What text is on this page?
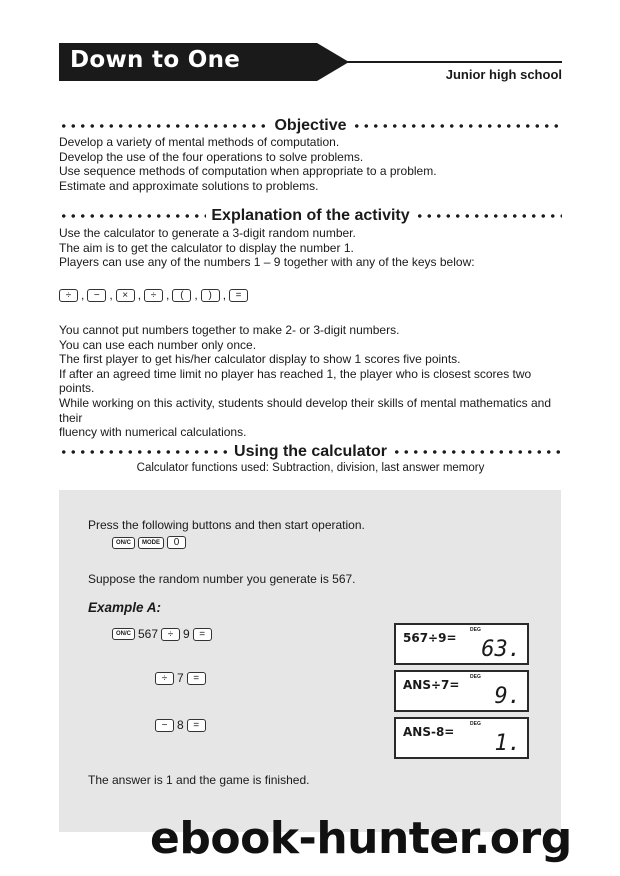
Down to One
Junior high school
Objective

Develop a variety of mental methods of computation.

Develop the use of the four operations to solve problems.

Use sequence methods of computation when appropriate to a problem.

Estimate and approximate solutions to problems.

Explanation of the activity

Use the calculator to generate a 3-digit random number.

The aim is to get the calculator to display the number 1.

Players can use any of the numbers 1 – 9 together with any of the keys below:

÷ , − , × , ÷ ,	( ,	) , =

You cannot put numbers together to make 2- or 3-digit numbers.

You can use each number only once.

The first player to get his/her calculator display to show 1 scores five points.

If after an agreed time limit no player has reached 1, the player who is closest scores two points.

While working on this activity, students should develop their skills of mental mathematics and their

fluency with numerical calculations.

Using the calculator
Calculator functions used: Subtraction, division, last answer memory
Press the following buttons and then start operation.
ON/C	MODE	0
Suppose the random number you generate is 567.
Example A:
ON/C 567 ÷ 9 =
÷ 7 =
− 8 =
567÷9=
DEG
63.
ANS÷7=
DEG
9.
ANS-8=
DEG
1.
The answer is 1 and the game is finished.
ebook-hunter.org
